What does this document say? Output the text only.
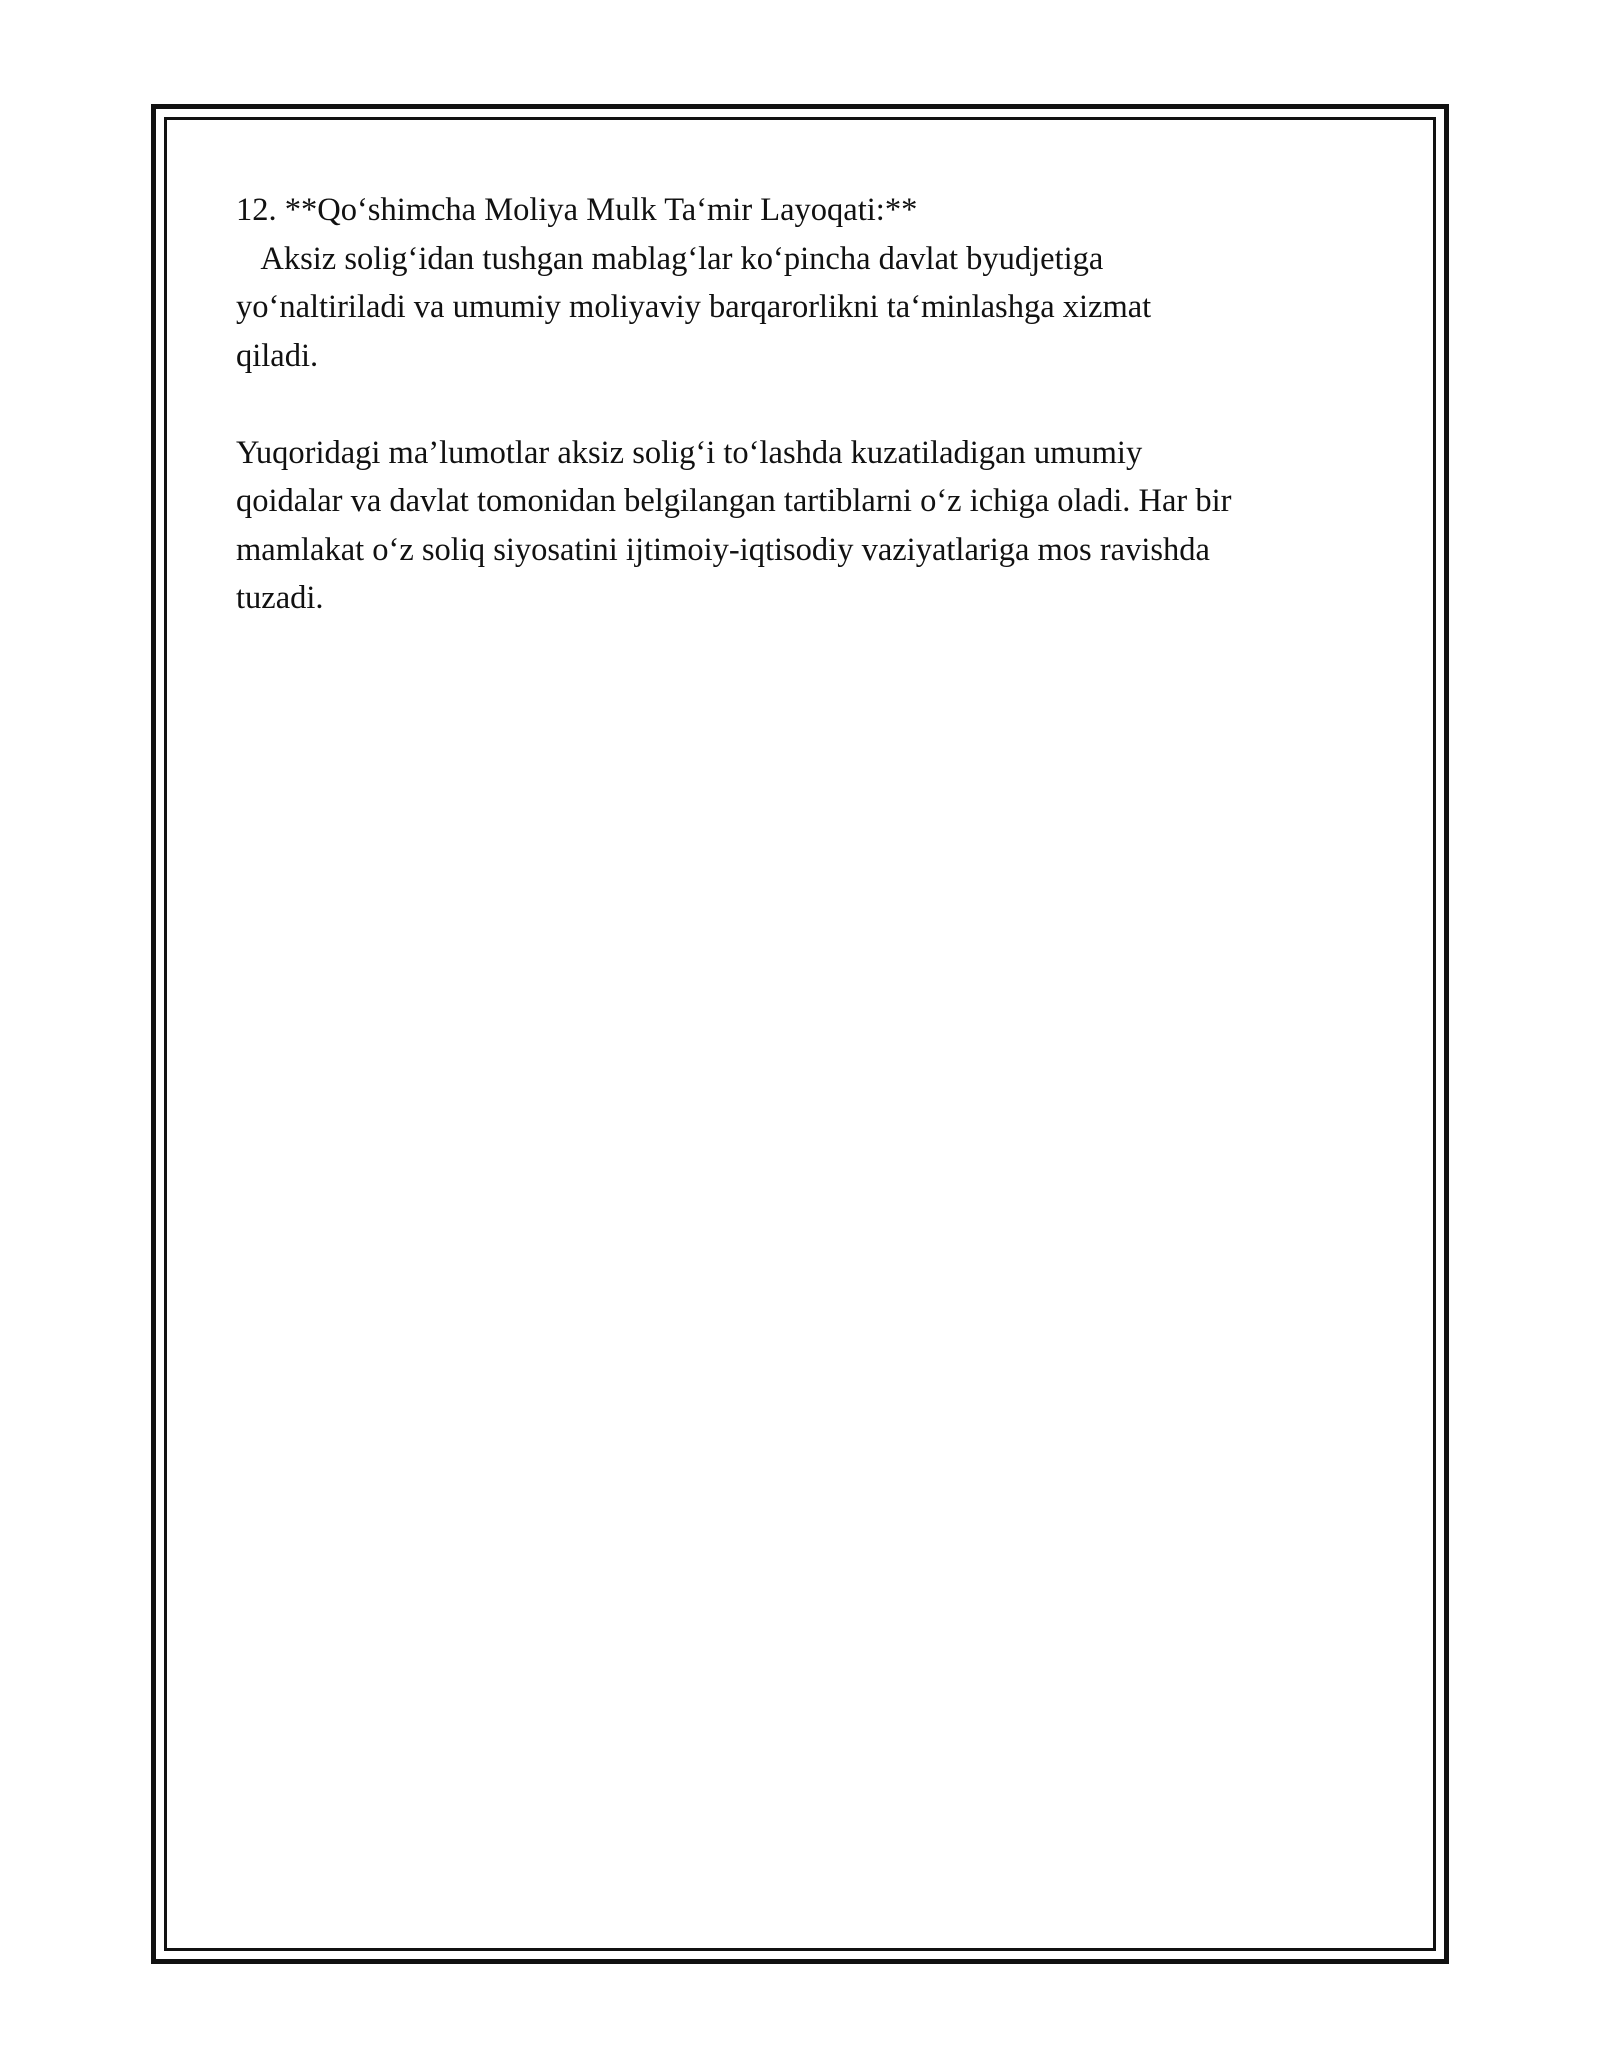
12. **Qo‘shimcha Moliya Mulk Ta‘mir Layoqati:**

Aksiz solig‘idan tushgan mablag‘lar ko‘pincha davlat byudjetiga

yo‘naltiriladi va umumiy moliyaviy barqarorlikni ta‘minlashga xizmat

qiladi.

Yuqoridagi ma’lumotlar aksiz solig‘i to‘lashda kuzatiladigan umumiy

qoidalar va davlat tomonidan belgilangan tartiblarni o‘z ichiga oladi. Har bir

mamlakat o‘z soliq siyosatini ijtimoiy-iqtisodiy vaziyatlariga mos ravishda

tuzadi.
